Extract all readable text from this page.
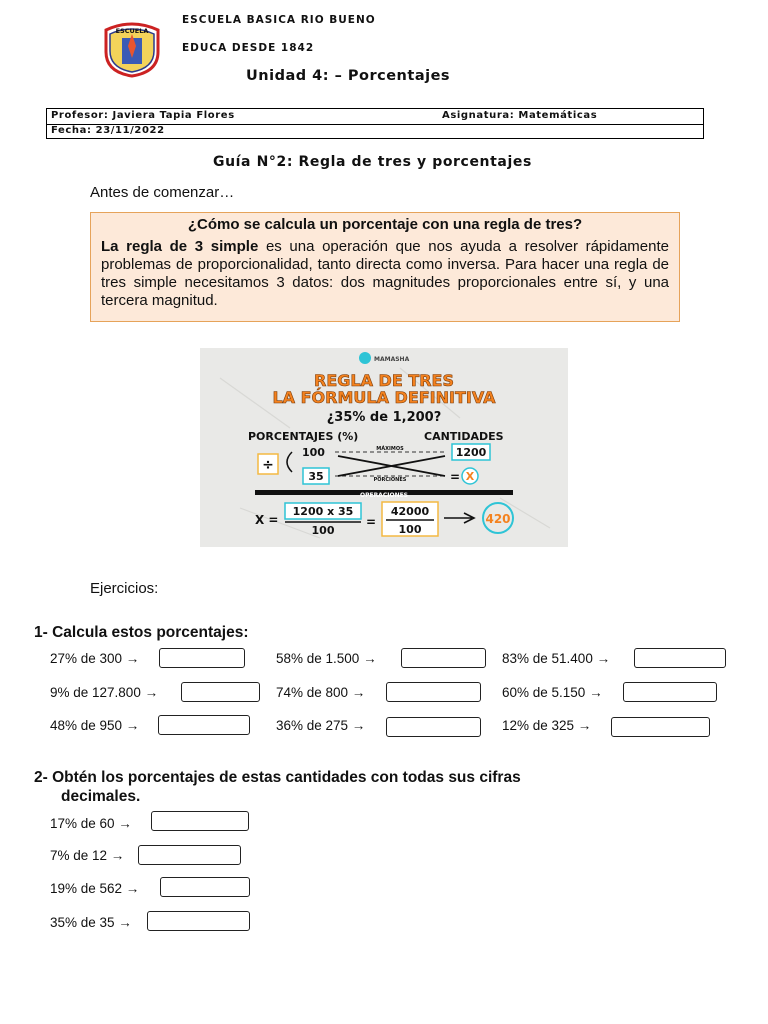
ESCUELA
ESCUELA BASICA RIO BUENO
EDUCA DESDE 1842
Unidad 4: – Porcentajes
Profesor: Javiera Tapia Flores	Asignatura: Matemáticas
Fecha: 23/11/2022
Guía N°2: Regla de tres y porcentajes
Antes de comenzar…
¿Cómo se calcula un porcentaje con una regla de tres?
La regla de 3 simple es una operación que nos ayuda a resolver rápidamente problemas de proporcionalidad, tanto directa como inversa. Para hacer una regla de tres simple necesitamos 3 datos: dos magnitudes proporcionales entre sí, y una tercera magnitud.
MAMASHA
REGLA DE TRES
LA FÓRMULA DEFINITIVA
¿35% de 1,200?
PORCENTAJES (%)	CANTIDADES
100	1200
÷
35
MÁXIMOS
PORCIONES	= X
OPERACIONES
X =
1200 x 35
100
=
42000
100
420
Ejercicios:
1- Calcula estos porcentajes:
27% de 300 →	58% de 1.500 →	83% de 51.400 →
9% de 127.800 →	74% de 800 →	60% de 5.150 →
48% de 950 →	36% de 275 →	12% de 325 →
2- Obtén los porcentajes de estas cantidades con todas sus cifras
decimales.
17% de 60 →
7% de 12 →
19% de 562 →
35% de 35 →
